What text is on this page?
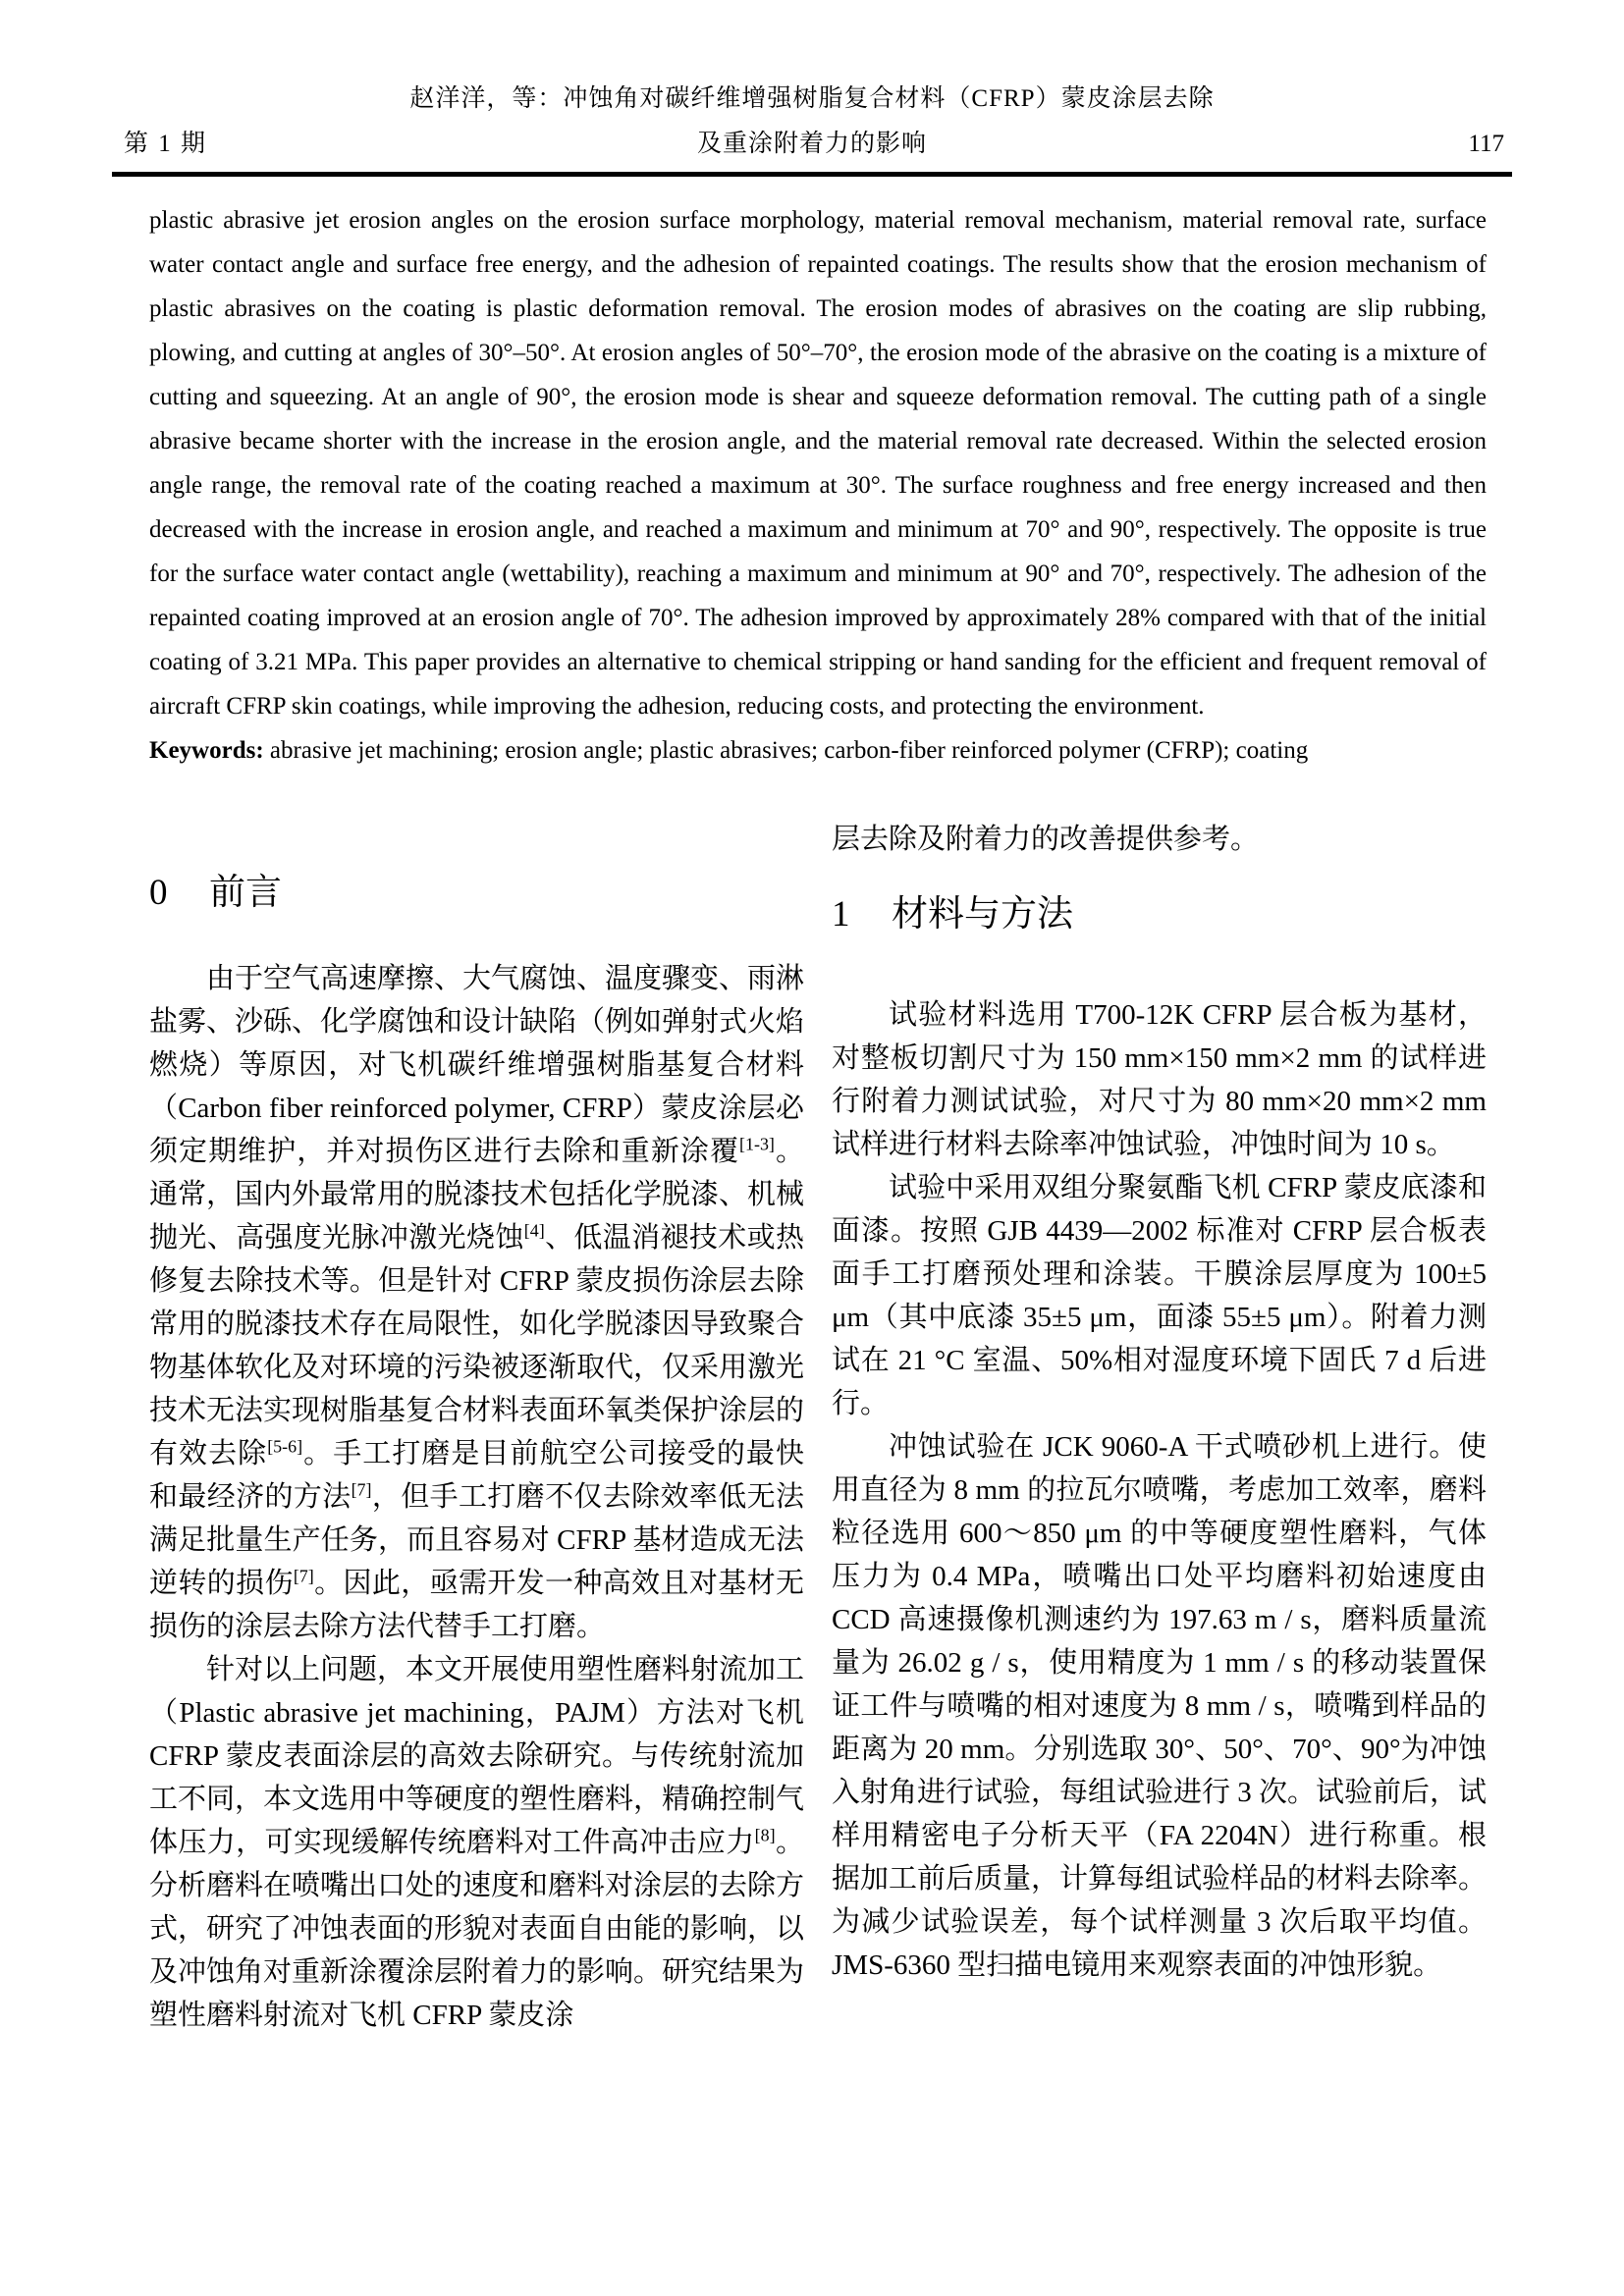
赵洋洋，等：冲蚀角对碳纤维增强树脂复合材料（CFRP）蒙皮涂层去除
第 1 期	及重涂附着力的影响	117

plastic abrasive jet erosion angles on the erosion surface morphology, material removal mechanism, material removal rate, surface water contact angle and surface free energy, and the adhesion of repainted coatings. The results show that the erosion mechanism of plastic abrasives on the coating is plastic deformation removal. The erosion modes of abrasives on the coating are slip rubbing, plowing, and cutting at angles of 30°–50°. At erosion angles of 50°–70°, the erosion mode of the abrasive on the coating is a mixture of cutting and squeezing. At an angle of 90°, the erosion mode is shear and squeeze deformation removal. The cutting path of a single abrasive became shorter with the increase in the erosion angle, and the material removal rate decreased. Within the selected erosion angle range, the removal rate of the coating reached a maximum at 30°. The surface roughness and free energy increased and then decreased with the increase in erosion angle, and reached a maximum and minimum at 70° and 90°, respectively. The opposite is true for the surface water contact angle (wettability), reaching a maximum and minimum at 90° and 70°, respectively. The adhesion of the repainted coating improved at an erosion angle of 70°. The adhesion improved by approximately 28% compared with that of the initial coating of 3.21 MPa. This paper provides an alternative to chemical stripping or hand sanding for the efficient and frequent removal of aircraft CFRP skin coatings, while improving the adhesion, reducing costs, and protecting the environment.

Keywords: abrasive jet machining; erosion angle; plastic abrasives; carbon-fiber reinforced polymer (CFRP); coating

0 前言

由于空气高速摩擦、大气腐蚀、温度骤变、雨淋盐雾、沙砾、化学腐蚀和设计缺陷（例如弹射式火焰燃烧）等原因，对飞机碳纤维增强树脂基复合材料（Carbon fiber reinforced polymer, CFRP）蒙皮涂层必须定期维护，并对损伤区进行去除和重新涂覆[1-3]。通常，国内外最常用的脱漆技术包括化学脱漆、机械抛光、高强度光脉冲激光烧蚀[4]、低温消褪技术或热修复去除技术等。但是针对 CFRP 蒙皮损伤涂层去除常用的脱漆技术存在局限性，如化学脱漆因导致聚合物基体软化及对环境的污染被逐渐取代，仅采用激光技术无法实现树脂基复合材料表面环氧类保护涂层的有效去除[5-6]。手工打磨是目前航空公司接受的最快和最经济的方法[7]，但手工打磨不仅去除效率低无法满足批量生产任务，而且容易对 CFRP 基材造成无法逆转的损伤[7]。因此，亟需开发一种高效且对基材无损伤的涂层去除方法代替手工打磨。

针对以上问题，本文开展使用塑性磨料射流加工（Plastic abrasive jet machining，PAJM）方法对飞机 CFRP 蒙皮表面涂层的高效去除研究。与传统射流加工不同，本文选用中等硬度的塑性磨料，精确控制气体压力，可实现缓解传统磨料对工件高冲击应力[8]。分析磨料在喷嘴出口处的速度和磨料对涂层的去除方式，研究了冲蚀表面的形貌对表面自由能的影响，以及冲蚀角对重新涂覆涂层附着力的影响。研究结果为塑性磨料射流对飞机 CFRP 蒙皮涂

层去除及附着力的改善提供参考。

1 材料与方法

试验材料选用 T700-12K CFRP 层合板为基材，对整板切割尺寸为 150 mm×150 mm×2 mm 的试样进行附着力测试试验，对尺寸为 80 mm×20 mm×2 mm 试样进行材料去除率冲蚀试验，冲蚀时间为 10 s。

试验中采用双组分聚氨酯飞机 CFRP 蒙皮底漆和面漆。按照 GJB 4439—2002 标准对 CFRP 层合板表面手工打磨预处理和涂装。干膜涂层厚度为 100±5 μm（其中底漆 35±5 μm，面漆 55±5 μm）。附着力测试在 21 °C 室温、50%相对湿度环境下固氏 7 d 后进行。

冲蚀试验在 JCK 9060-A 干式喷砂机上进行。使用直径为 8 mm 的拉瓦尔喷嘴，考虑加工效率，磨料粒径选用 600～850 μm 的中等硬度塑性磨料，气体压力为 0.4 MPa，喷嘴出口处平均磨料初始速度由 CCD 高速摄像机测速约为 197.63 m / s，磨料质量流量为 26.02 g / s，使用精度为 1 mm / s 的移动装置保证工件与喷嘴的相对速度为 8 mm / s，喷嘴到样品的距离为 20 mm。分别选取 30°、50°、70°、90°为冲蚀入射角进行试验，每组试验进行 3 次。试验前后，试样用精密电子分析天平（FA 2204N）进行称重。根据加工前后质量，计算每组试验样品的材料去除率。为减少试验误差，每个试样测量 3 次后取平均值。JMS-6360 型扫描电镜用来观察表面的冲蚀形貌。
